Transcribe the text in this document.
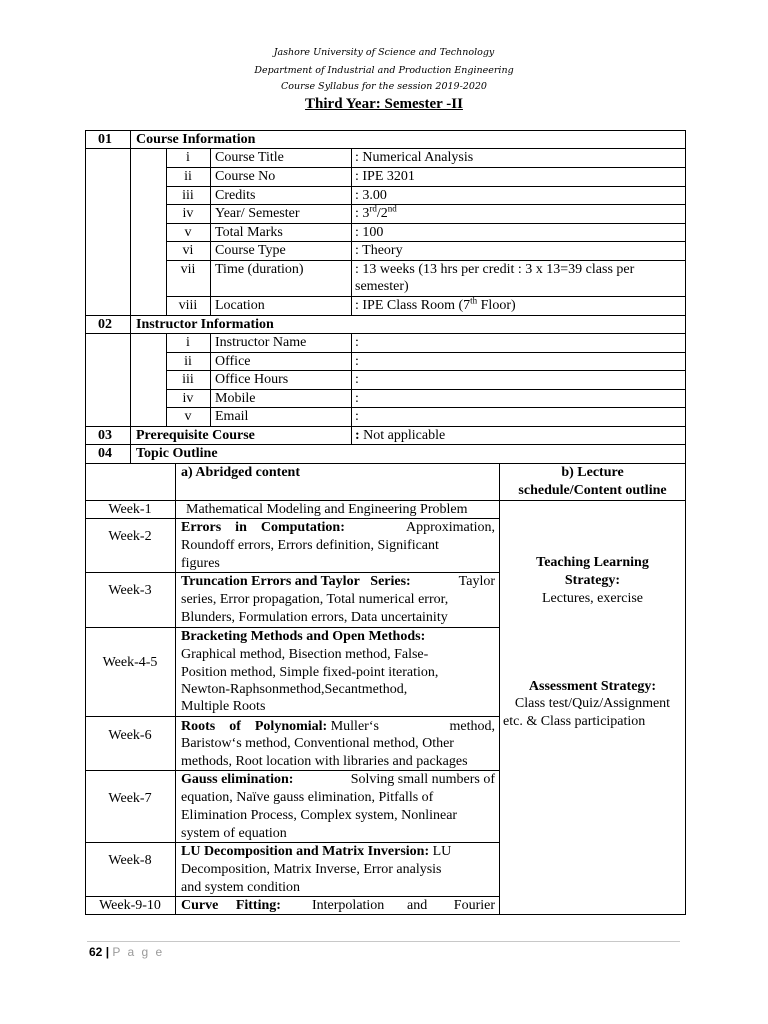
Jashore University of Science and Technology
Department of Industrial and Production Engineering
Course Syllabus for the session 2019-2020
Third Year: Semester -II
01 Course Information
i	Course Title	: Numerical Analysis
ii	Course No	: IPE 3201
iii	Credits	: 3.00
iv	Year/ Semester	: 3rd/2nd
v	Total Marks	: 100
vi	Course Type	: Theory
vii	Time (duration)	: 13 weeks (13 hrs per credit : 3 x 13=39 class per
semester)
viii	Location	: IPE Class Room (7th Floor)
02 Instructor Information
i	Instructor Name	:
ii	Office	:
iii	Office Hours	:
iv	Mobile	:
v	Email	:
03 Prerequisite Course	: Not applicable
04 Topic Outline
a) Abridged content	b) Lecture
schedule/Content outline
Week-1	Mathematical Modeling and Engineering Problem
Week-2
Errors    in    Computation:	Approximation,
Roundoff errors, Errors definition, Significant
figures
Week-3
Truncation Errors and Taylor   Series:	Taylor
series, Error propagation, Total numerical error,
Blunders, Formulation errors, Data uncertainity
Week-4-5
Bracketing Methods and Open Methods:
Graphical method, Bisection method, False-
Position method, Simple fixed-point iteration,
Newton-Raphsonmethod,Secantmethod,
Multiple Roots
Week-6
Roots    of    Polynomial: Muller‘s	method,
Baristow‘s method, Conventional method, Other
methods, Root location with libraries and packages
Week-7
Gauss elimination:	Solving small numbers of
equation, Naïve gauss elimination, Pitfalls of
Elimination Process, Complex system, Nonlinear
system of equation
Week-8
LU Decomposition and Matrix Inversion: LU
Decomposition, Matrix Inverse, Error analysis
and system condition
Week-9-10	Curve     Fitting: Interpolation and Fourier
Teaching Learning
Strategy:
Lectures, exercise
Assessment Strategy:
Class test/Quiz/Assignment
etc. & Class participation
62 | P a g e
